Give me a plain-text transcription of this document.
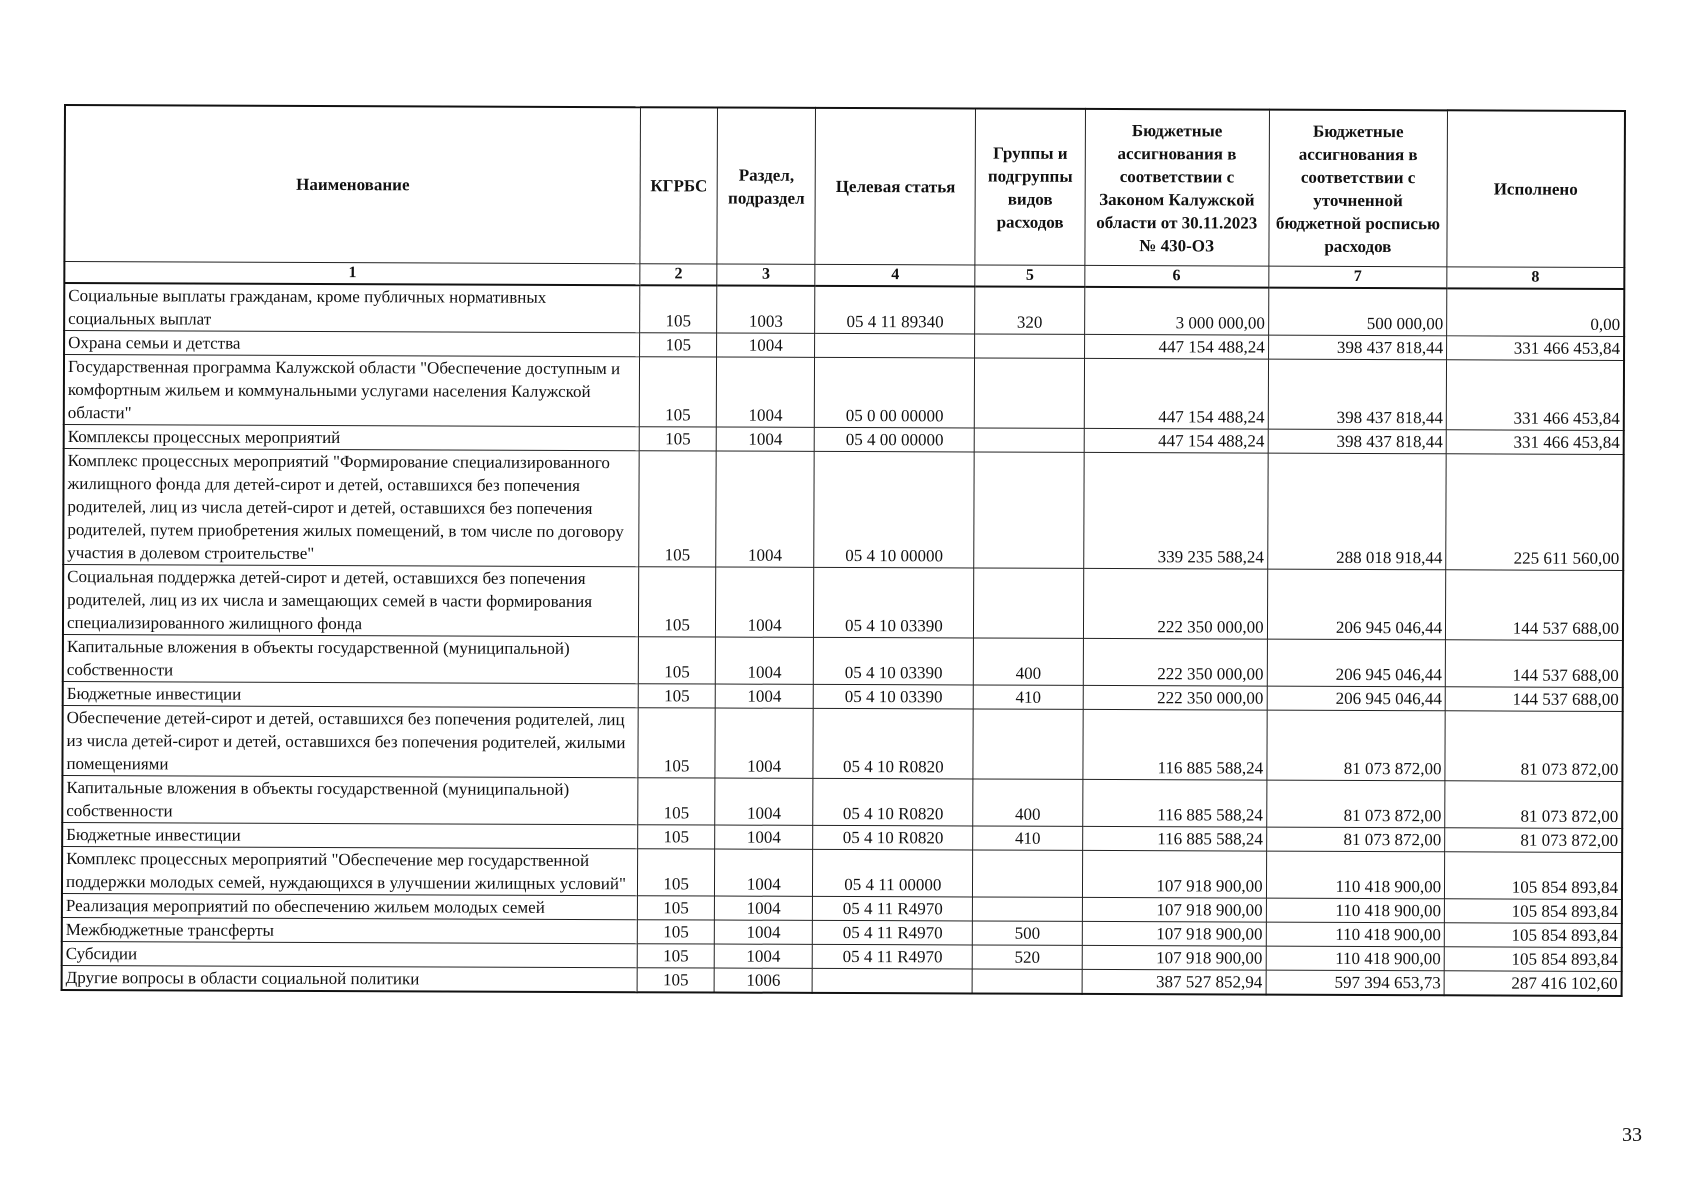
Наименование	КГРБС	Раздел, подраздел	Целевая статья	Группы и подгруппы видов расходов	Бюджетные ассигнования в соответствии с Законом Калужской области от 30.11.2023 № 430-ОЗ	Бюджетные ассигнования в соответствии с уточненной бюджетной росписью расходов	Исполнено
1	2	3	4	5	6	7	8
Социальные выплаты гражданам, кроме публичных нормативных социальных выплат	105	1003	05 4 11 89340	320	3 000 000,00	500 000,00	0,00
Охрана семьи и детства	105	1004			447 154 488,24	398 437 818,44	331 466 453,84
Государственная программа Калужской области "Обеспечение доступным и комфортным жильем и коммунальными услугами населения Калужской области"	105	1004	05 0 00 00000		447 154 488,24	398 437 818,44	331 466 453,84
Комплексы процессных мероприятий	105	1004	05 4 00 00000		447 154 488,24	398 437 818,44	331 466 453,84
Комплекс процессных мероприятий "Формирование специализированного жилищного фонда для детей-сирот и детей, оставшихся без попечения родителей, лиц из числа детей-сирот и детей, оставшихся без попечения родителей, путем приобретения жилых помещений, в том числе по договору участия в долевом строительстве"	105	1004	05 4 10 00000		339 235 588,24	288 018 918,44	225 611 560,00
Социальная поддержка детей-сирот и детей, оставшихся без попечения родителей, лиц из их числа и замещающих семей в части формирования специализированного жилищного фонда	105	1004	05 4 10 03390		222 350 000,00	206 945 046,44	144 537 688,00
Капитальные вложения в объекты государственной (муниципальной) собственности	105	1004	05 4 10 03390	400	222 350 000,00	206 945 046,44	144 537 688,00
Бюджетные инвестиции	105	1004	05 4 10 03390	410	222 350 000,00	206 945 046,44	144 537 688,00
Обеспечение детей-сирот и детей, оставшихся без попечения родителей, лиц из числа детей-сирот и детей, оставшихся без попечения родителей, жилыми помещениями	105	1004	05 4 10 R0820		116 885 588,24	81 073 872,00	81 073 872,00
Капитальные вложения в объекты государственной (муниципальной) собственности	105	1004	05 4 10 R0820	400	116 885 588,24	81 073 872,00	81 073 872,00
Бюджетные инвестиции	105	1004	05 4 10 R0820	410	116 885 588,24	81 073 872,00	81 073 872,00
Комплекс процессных мероприятий "Обеспечение мер государственной поддержки молодых семей, нуждающихся в улучшении жилищных условий"	105	1004	05 4 11 00000		107 918 900,00	110 418 900,00	105 854 893,84
Реализация мероприятий по обеспечению жильем молодых семей	105	1004	05 4 11 R4970		107 918 900,00	110 418 900,00	105 854 893,84
Межбюджетные трансферты	105	1004	05 4 11 R4970	500	107 918 900,00	110 418 900,00	105 854 893,84
Субсидии	105	1004	05 4 11 R4970	520	107 918 900,00	110 418 900,00	105 854 893,84
Другие вопросы в области социальной политики	105	1006			387 527 852,94	597 394 653,73	287 416 102,60
33
